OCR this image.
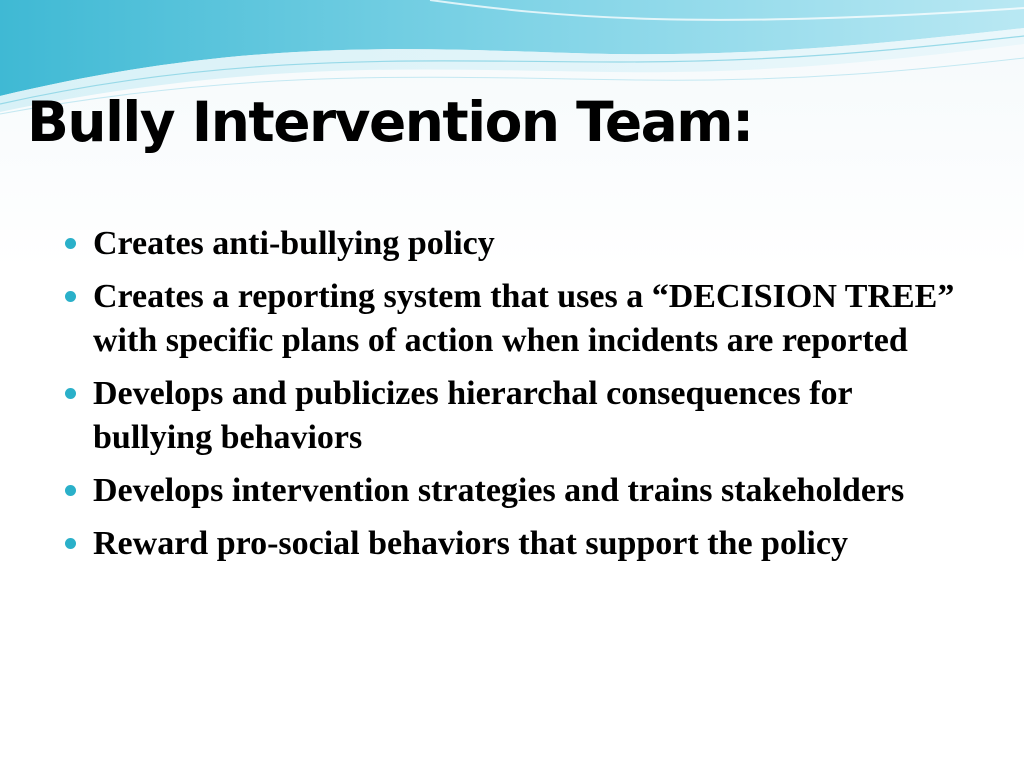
Bully Intervention Team:
Creates anti-bullying policy
Creates a reporting system that uses a “DECISION TREE” with specific plans of action when incidents are reported
Develops and publicizes hierarchal consequences for bullying behaviors
Develops intervention strategies and trains stakeholders
Reward pro-social behaviors that support the policy
